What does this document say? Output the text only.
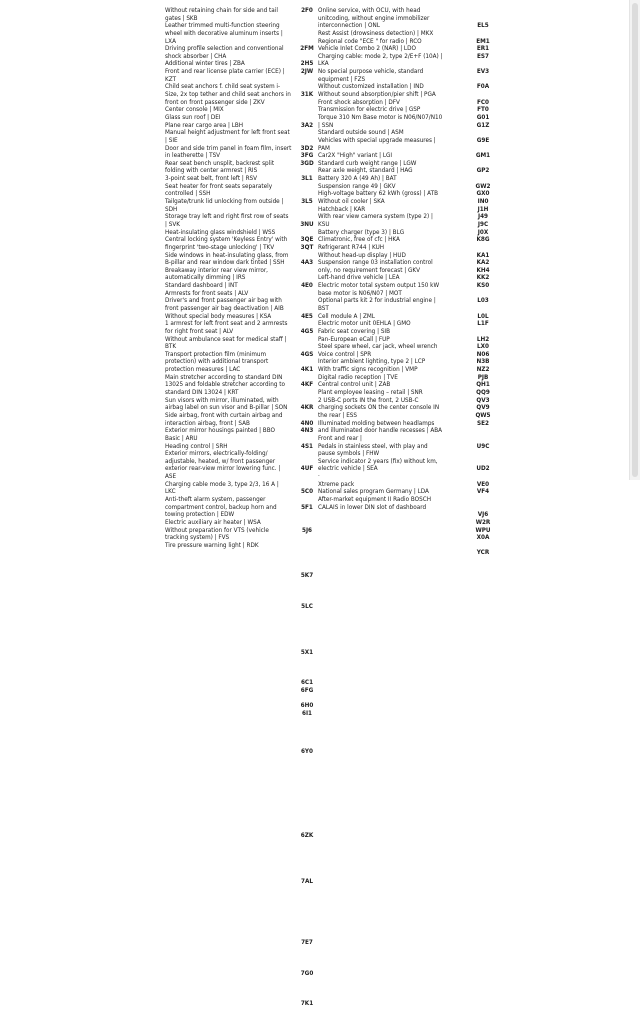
Without retaining chain for side and tail
gates | SKB
Leather trimmed multi-function steering
wheel with decorative aluminum inserts |
LXA
Driving profile selection and conventional
shock absorber | CHA
Additional winter tires | ZBA
Front and rear license plate carrier (ECE) |
KZT
Child seat anchors f. child seat system i-
Size, 2x top tether and child seat anchors in
front on front passenger side | ZKV
Center console | MIX
Glass sun roof | DEI
Plane rear cargo area | LBH
Manual height adjustment for left front seat
| SIE
Door and side trim panel in foam film, insert
in leatherette | TSV
Rear seat bench unsplit, backrest split
folding with center armrest | RIS
3-point seat belt, front left | RSV
Seat heater for front seats separately
controlled | SSH
Tailgate/trunk lid unlocking from outside |
SDH
Storage tray left and right first row of seats
| SVK
Heat-insulating glass windshield | WSS
Central locking system 'Keyless Entry' with
fingerprint 'two-stage unlocking' | TKV
Side windows in heat-insulating glass, from
B-pillar and rear window dark tinted | SSH
Breakaway interior rear view mirror,
automatically dimming | IRS
Standard dashboard | INT
Armrests for front seats | ALV
Driver's and front passenger air bag with
front passenger air bag deactivation | AIB
Without special body measures | KSA
1 armrest for left front seat and 2 armrests
for right front seat | ALV
Without ambulance seat for medical staff |
BTK
Transport protection film (minimum
protection) with additional transport
protection measures | LAC
Main stretcher according to standard DIN
13025 and foldable stretcher according to
standard DIN 13024 | KRT
Sun visors with mirror, illuminated, with
airbag label on sun visor and B-pillar | SON
Side airbag, front with curtain airbag and
interaction airbag, front | SAB
Exterior mirror housings painted | BBO
Basic | ARU
Heading control | SRH
Exterior mirrors, electrically-folding/
adjustable, heated, w/ front passenger
exterior rear-view mirror lowering func. |
ASE
Charging cable mode 3, type 2/3, 16 A |
LKC
Anti-theft alarm system, passenger
compartment control, backup horn and
towing protection | EDW
Electric auxiliary air heater | WSA
Without preparation for VTS (vehicle
tracking system) | FVS
Tire pressure warning light | RDK
2F0
2FM
2H5
2JW
31K
3A2
3D2
3FG
3GD
3L1
3L5
3NU
3QE
3QT
4A3
4E0
4E5
4G5
4GS
4K1
4KF
4KR
4N0
4N3
4S1
4UF
5C0
5F1
5J6
5K7
5LC
5X1
6C1
6FG
6H0
6I1
6Y0
6ZK
7AL
7E7
7G0
7K1
Online service, with OCU, with head
unitcoding, without engine immobilizer
interconnection | ONL
Rest Assist (drowsiness detection) | MKX
Regional code "ECE " for radio | RCO
Vehicle Inlet Combo 2 (NAR) | LDO
Charging cable: mode 2, type 2/E+F (10A) |
LKA
No special purpose vehicle, standard
equipment | FZS
Without customized installation | IND
Without sound absorption/pier shift | PGA
Front shock absorption | DFV
Transmission for electric drive | GSP
Torque 310 Nm Base motor is N06/N07/N10
| SSN
Standard outside sound | ASM
Vehicles with special upgrade measures |
PAM
Car2X "High" variant | LGI
Standard curb weight range | LGW
Rear axle weight, standard | HAG
Battery 320 A (49 Ah) | BAT
Suspension range 49 | GKV
High-voltage battery 62 kWh (gross) | ATB
Without oil cooler | SKA
Hatchback | KAR
With rear view camera system (type 2) |
KSU
Battery charger (type 3) | BLG
Climatronic, free of cfc | HKA
Refrigerant R744 | KUH
Without head-up display | HUD
Suspension range 03 installation control
only, no requirement forecast | GKV
Left-hand drive vehicle | LEA
Electric motor total system output 150 kW
base motor is N06/N07 | MOT
Optional parts kit 2 for industrial engine |
BST
Cell module A | ZML
Electric motor unit 0EHLA | GMO
Fabric seat covering | SIB
Pan-European eCall | FUP
Steel spare wheel, car jack, wheel wrench
Voice control | SPR
Interior ambient lighting, type 2 | LCP
With traffic signs recognition | VMP
Digital radio reception | TVE
Central control unit | ZAB
Plant employee leasing – retail | SNR
2 USB-C ports IN the front, 2 USB-C
charging sockets ON the center console IN
the rear | ESS
Illuminated molding between headlamps
and illuminated door handle recesses | ABA
Front and rear |
Pedals in stainless steel, with play and
pause symbols | FHW
Service indicator 2 years (fix) without km,
electric vehicle | SEA
·
Xtreme pack
National sales program Germany | LDA
After-market equipment II Radio BOSCH
CALAIS in lower DIN slot of dashboard
EL5
EM1
ER1
ES7
EV3
F0A
FC0
FT0
G01
G1Z
G9E
GM1
GP2
GW2
GX0
IN0
J1H
J49
J9C
J0X
K8G
KA1
KA2
KH4
KK2
KS0
L03
L0L
L1F
LH2
LX0
N06
N3B
NZ2
PJB
QH1
QQ9
QV3
QV9
QW5
SE2
U9C
UD2
VE0
VF4
VJ6
W2R
WPU
X0A
YCR
